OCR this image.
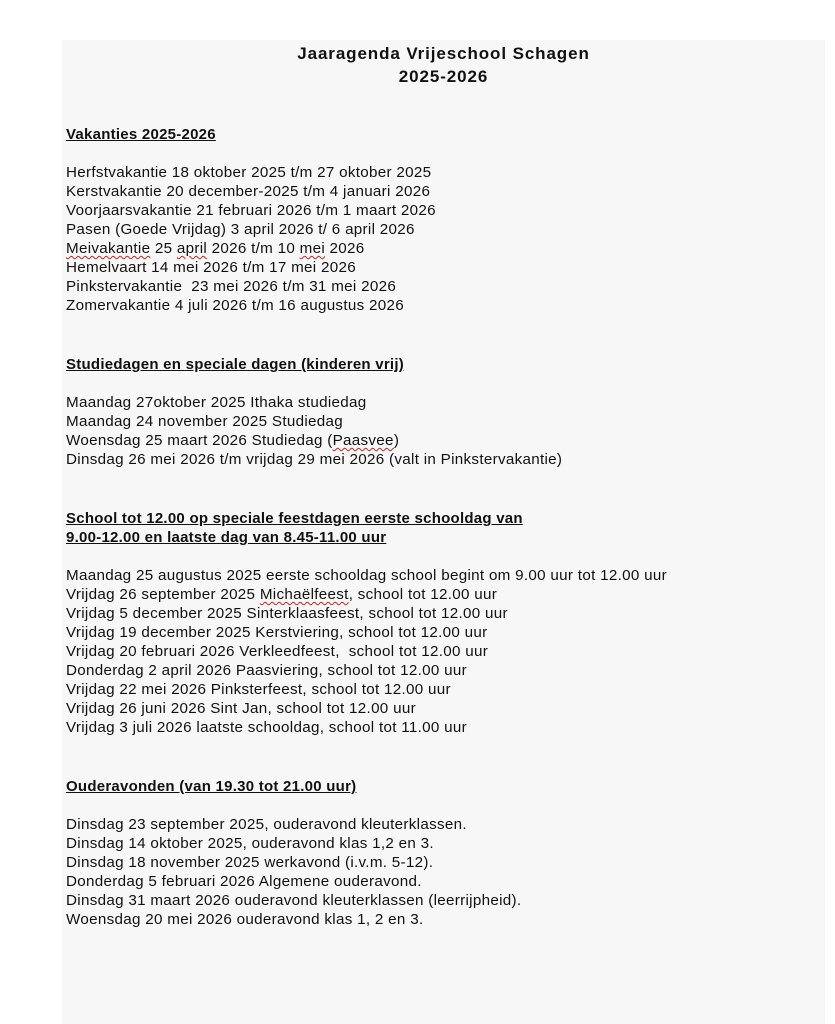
Jaaragenda Vrijeschool Schagen
2025-2026

Vakanties 2025-2026

Herfstvakantie 18 oktober 2025 t/m 27 oktober 2025
Kerstvakantie 20 december-2025 t/m 4 januari 2026
Voorjaarsvakantie 21 februari 2026 t/m 1 maart 2026
Pasen (Goede Vrijdag) 3 april 2026 t/ 6 april 2026
Meivakantie 25 april 2026 t/m 10 mei 2026
Hemelvaart 14 mei 2026 t/m 17 mei 2026
Pinkstervakantie  23 mei 2026 t/m 31 mei 2026
Zomervakantie 4 juli 2026 t/m 16 augustus 2026

Studiedagen en speciale dagen (kinderen vrij)

Maandag 27oktober 2025 Ithaka studiedag
Maandag 24 november 2025 Studiedag
Woensdag 25 maart 2026 Studiedag (Paasvee)
Dinsdag 26 mei 2026 t/m vrijdag 29 mei 2026 (valt in Pinkstervakantie)

School tot 12.00 op speciale feestdagen eerste schooldag van

9.00-12.00 en laatste dag van 8.45-11.00 uur

Maandag 25 augustus 2025 eerste schooldag school begint om 9.00 uur tot 12.00 uur
Vrijdag 26 september 2025 Michaëlfeest, school tot 12.00 uur
Vrijdag 5 december 2025 Sinterklaasfeest, school tot 12.00 uur
Vrijdag 19 december 2025 Kerstviering, school tot 12.00 uur
Vrijdag 20 februari 2026 Verkleedfeest,  school tot 12.00 uur
Donderdag 2 april 2026 Paasviering, school tot 12.00 uur
Vrijdag 22 mei 2026 Pinksterfeest, school tot 12.00 uur
Vrijdag 26 juni 2026 Sint Jan, school tot 12.00 uur
Vrijdag 3 juli 2026 laatste schooldag, school tot 11.00 uur

Ouderavonden (van 19.30 tot 21.00 uur)

Dinsdag 23 september 2025, ouderavond kleuterklassen.
Dinsdag 14 oktober 2025, ouderavond klas 1,2 en 3.
Dinsdag 18 november 2025 werkavond (i.v.m. 5-12).
Donderdag 5 februari 2026 Algemene ouderavond.
Dinsdag 31 maart 2026 ouderavond kleuterklassen (leerrijpheid).
Woensdag 20 mei 2026 ouderavond klas 1, 2 en 3.
